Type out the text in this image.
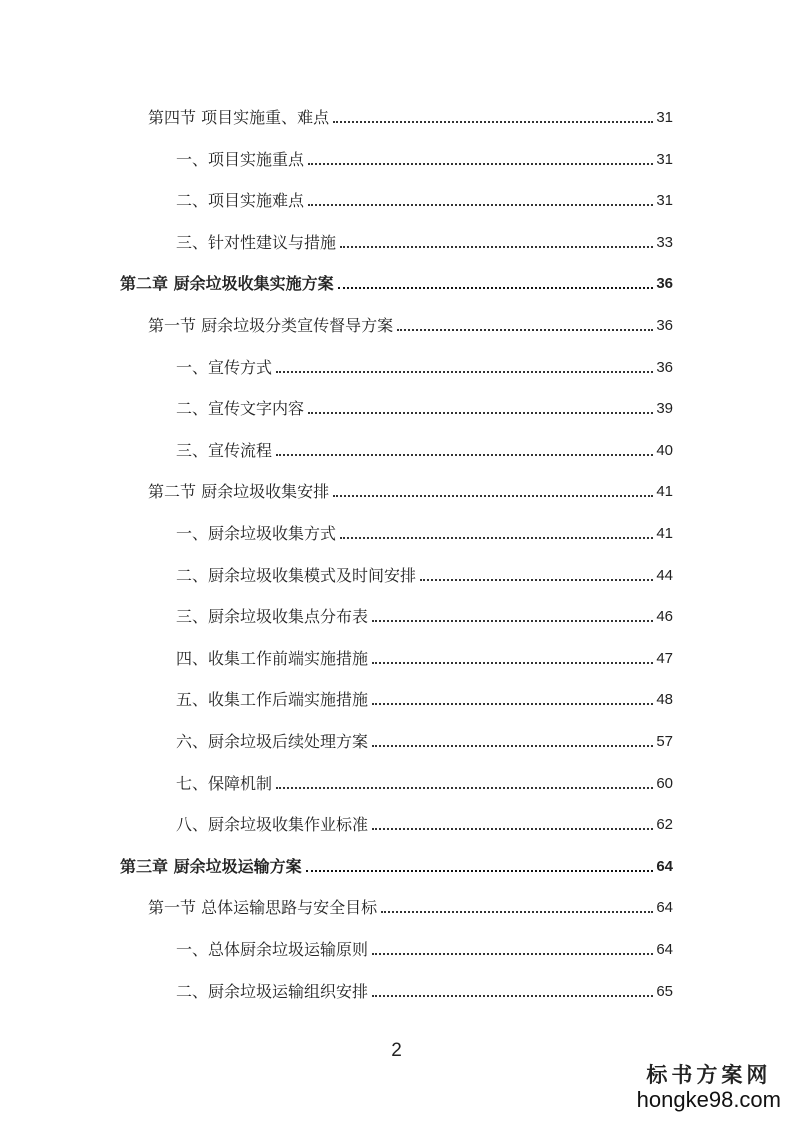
第四节 项目实施重、难点	31
一、项目实施重点	31
二、项目实施难点	31
三、针对性建议与措施	33
第二章 厨余垃圾收集实施方案	36
第一节 厨余垃圾分类宣传督导方案	36
一、宣传方式	36
二、宣传文字内容	39
三、宣传流程	40
第二节 厨余垃圾收集安排	41
一、厨余垃圾收集方式	41
二、厨余垃圾收集模式及时间安排	44
三、厨余垃圾收集点分布表	46
四、收集工作前端实施措施	47
五、收集工作后端实施措施	48
六、厨余垃圾后续处理方案	57
七、保障机制	60
八、厨余垃圾收集作业标准	62
第三章 厨余垃圾运输方案	64
第一节 总体运输思路与安全目标	64
一、总体厨余垃圾运输原则	64
二、厨余垃圾运输组织安排	65
2
标书方案网
hongke98.com
